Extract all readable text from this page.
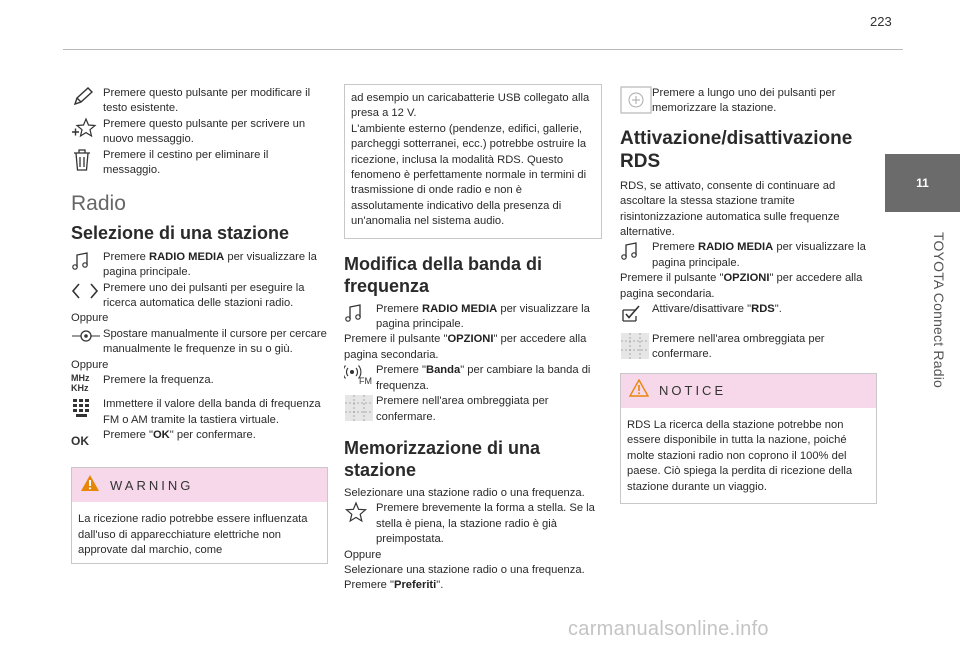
223
11
TOYOTA Connect Radio
Premere questo pulsante per modificare il testo esistente.
Premere questo pulsante per scrivere un nuovo messaggio.
Premere il cestino per eliminare il messaggio.
Radio
Selezione di una stazione
Premere RADIO MEDIA per visualizzare la pagina principale.
Premere uno dei pulsanti per eseguire la ricerca automatica delle stazioni radio.
Oppure
Spostare manualmente il cursore per cercare manualmente le frequenze in su o giù.
Oppure
MHz
KHz
Premere la frequenza.
Immettere il valore della banda di frequenza FM o AM tramite la tastiera virtuale.
OK Premere "OK" per confermare.
WARNING
La ricezione radio potrebbe essere influenzata dall'uso di apparecchiature elettriche non approvate dal marchio, come
ad esempio un caricabatterie USB collegato alla presa a 12 V.
L'ambiente esterno (pendenze, edifici, gallerie, parcheggi sotterranei, ecc.) potrebbe ostruire la ricezione, inclusa la modalità RDS. Questo fenomeno è perfettamente normale in termini di trasmissione di onde radio e non è assolutamente indicativo della presenza di un'anomalia nel sistema audio.
Modifica della banda di frequenza
Premere RADIO MEDIA per visualizzare la pagina principale.
Premere il pulsante "OPZIONI" per accedere alla pagina secondaria.
FM
Premere "Banda" per cambiare la banda di frequenza.
Premere nell'area ombreggiata per confermare.
Memorizzazione di una stazione
Selezionare una stazione radio o una frequenza.
Premere brevemente la forma a stella. Se la stella è piena, la stazione radio è già preimpostata.
Oppure
Selezionare una stazione radio o una frequenza.
Premere "Preferiti".
Premere a lungo uno dei pulsanti per memorizzare la stazione.
Attivazione/disattivazione RDS
RDS, se attivato, consente di continuare ad ascoltare la stessa stazione tramite risintonizzazione automatica sulle frequenze alternative.
Premere RADIO MEDIA per visualizzare la pagina principale.
Premere il pulsante "OPZIONI" per accedere alla pagina secondaria.
Attivare/disattivare "RDS".
Premere nell'area ombreggiata per confermare.
NOTICE
RDS La ricerca della stazione potrebbe non essere disponibile in tutta la nazione, poiché molte stazioni radio non coprono il 100% del paese. Ciò spiega la perdita di ricezione della stazione durante un viaggio.
carmanualsonline.info
